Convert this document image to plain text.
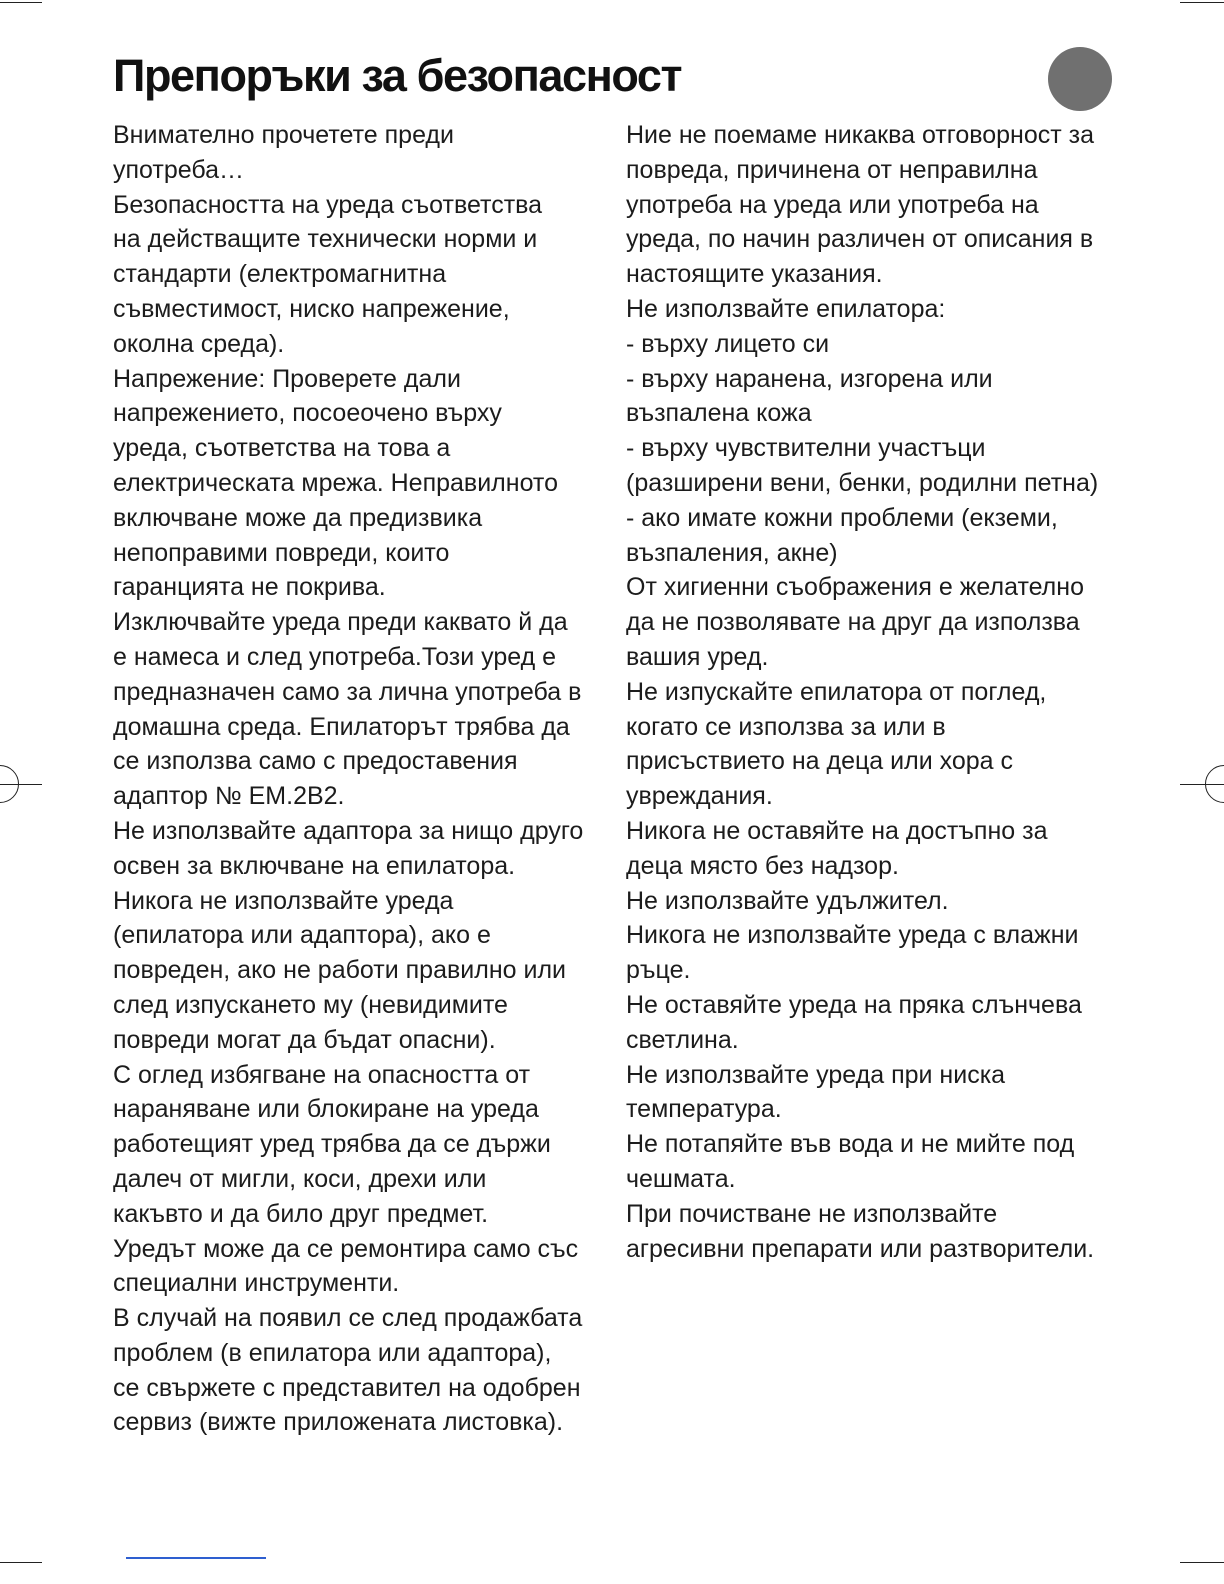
Препоръки за безопасност

Внимателно прочетете преди

употреба…

Безопасността на уреда съответства

на действащите технически норми и

стандарти (електромагнитна

съвместимост, ниско напрежение,

околна среда).

Напрежение: Проверете дали

напрежението, посоеочено върху

уреда, съответства на това а

електрическата мрежа. Неправилното

включване може да предизвика

непоправими повреди, които

гаранцията не покрива.

Изключвайте уреда преди каквато й да

е намеса и след употреба.Този уред е

предназначен само за лична употреба в

домашна среда. Епилаторът трябва да

се използва само с предоставения

адаптор № EM.2B2.

Не използвайте адаптора за нищо друго

освен за включване на епилатора.

Никога не използвайте уреда

(епилатора или адаптора), ако е

повреден, ако не работи правилно или

след изпускането му (невидимите

повреди могат да бъдат опасни).

С оглед избягване на опасността от

нараняване или блокиране на уреда

работещият уред трябва да се държи

далеч от мигли, коси, дрехи или

какъвто и да било друг предмет.

Уредът може да се ремонтира само със

специални инструменти.

В случай на появил се след продажбата

проблем (в епилатора или адаптора),

се свържете с представител на одобрен

сервиз (вижте приложената листовка).

Ние не поемаме никаква отговорност за

повреда, причинена от неправилна

употреба на уреда или употреба на

уреда, по начин различен от описания в

настоящите указания.

Не използвайте епилатора:

- върху лицето си

- върху наранена, изгорена или

възпалена кожа

- върху чувствителни участъци

(разширени вени, бенки, родилни петна)

- ако имате кожни проблеми (екземи,

възпаления, акне)

От хигиенни съображения е желателно

да не позволявате на друг да използва

вашия уред.

Не изпускайте епилатора от поглед,

когато се използва за или в

присъствието на деца или хора с

увреждания.

Никога не оставяйте на достъпно за

деца място без надзор.

Не използвайте удължител.

Никога не използвайте уреда с влажни

ръце.

Не оставяйте уреда на пряка слънчева

светлина.

Не използвайте уреда при ниска

температура.

Не потапяйте във вода и не мийте под

чешмата.

При почистване не използвайте

агресивни препарати или разтворители.
